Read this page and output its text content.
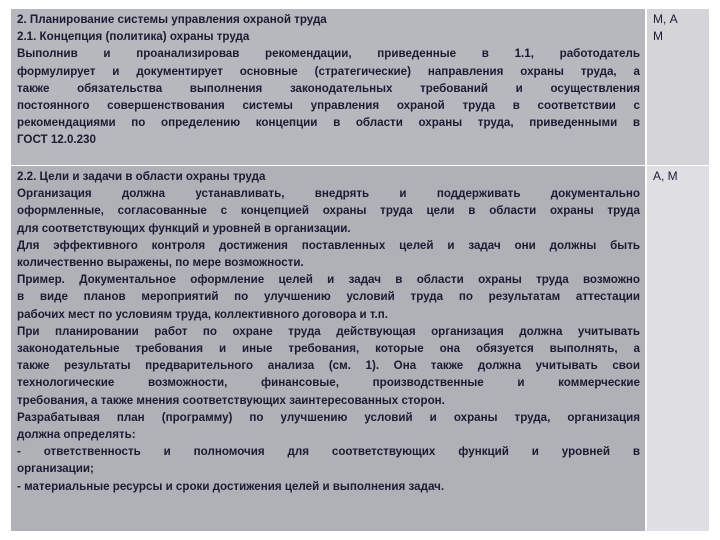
2. Планирование системы управления охраной труда
2.1. Концепция (политика) охраны труда
Выполнив и проанализировав рекомендации, приведенные в 1.1, работодатель
формулирует и документирует основные (стратегические) направления охраны труда, а
также обязательства выполнения законодательных требований и осуществления
постоянного совершенствования системы управления охраной труда в соответствии с
рекомендациями по определению концепции в области охраны труда, приведенными в
ГОСТ 12.0.230
М, А
М
2.2. Цели и задачи в области охраны труда
Организация должна устанавливать, внедрять и поддерживать документально
оформленные, согласованные с концепцией охраны труда цели в области охраны труда
для соответствующих функций и уровней в организации.
Для эффективного контроля достижения поставленных целей и задач они должны быть
количественно выражены, по мере возможности.
Пример. Документальное оформление целей и задач в области охраны труда возможно
в виде планов мероприятий по улучшению условий труда по результатам аттестации
рабочих мест по условиям труда, коллективного договора и т.п.
При планировании работ по охране труда действующая организация должна учитывать
законодательные требования и иные требования, которые она обязуется выполнять, а
также результаты предварительного анализа (см. 1). Она также должна учитывать свои
технологические возможности, финансовые, производственные и коммерческие
требования, а также мнения соответствующих заинтересованных сторон.
Разрабатывая план (программу) по улучшению условий и охраны труда, организация
должна определять:
- ответственность и полномочия для соответствующих функций и уровней в
организации;
- материальные ресурсы и сроки достижения целей и выполнения задач.
А, М
